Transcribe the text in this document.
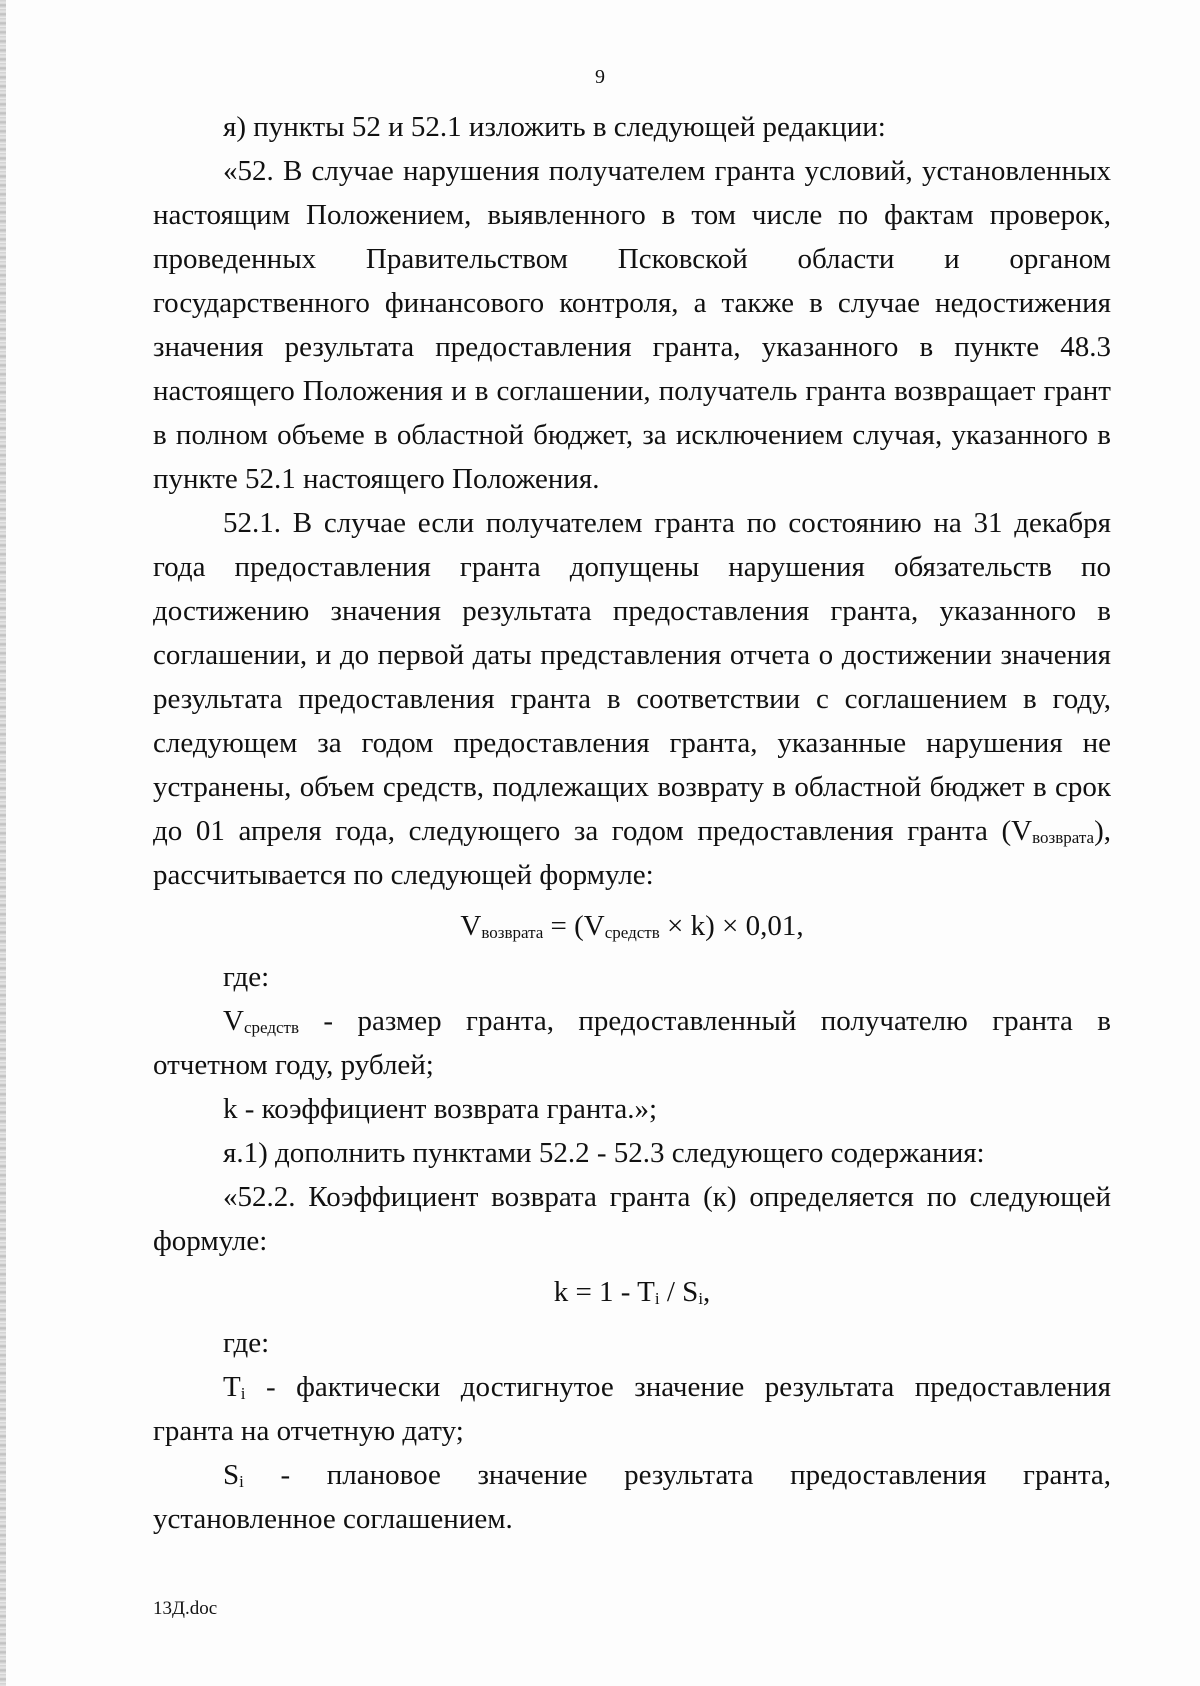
9

я) пункты 52 и 52.1 изложить в следующей редакции:

«52. В случае нарушения получателем гранта условий, установленных настоящим Положением, выявленного в том числе по фактам проверок, проведенных Правительством Псковской области и органом государственного финансового контроля, а также в случае недостижения значения результата предоставления гранта, указанного в пункте 48.3 настоящего Положения и в соглашении, получатель гранта возвращает грант в полном объеме в областной бюджет, за исключением случая, указанного в пункте 52.1 настоящего Положения.

52.1. В случае если получателем гранта по состоянию на 31 декабря года предоставления гранта допущены нарушения обязательств по достижению значения результата предоставления гранта, указанного в соглашении, и до первой даты представления отчета о достижении значения результата предоставления гранта в соответствии с соглашением в году, следующем за годом предоставления гранта, указанные нарушения не устранены, объем средств, подлежащих возврату в областной бюджет в срок до 01 апреля года, следующего за годом предоставления гранта $(V_{возврата})$, рассчитывается по следующей формуле:

$V_{возврата} = (V_{средств} \times k) \times 0,01$,

где:

$V_{средств}$ - размер гранта, предоставленный получателю гранта в отчетном году, рублей;

k - коэффициент возврата гранта.»;

я.1) дополнить пунктами 52.2 - 52.3 следующего содержания:

«52.2. Коэффициент возврата гранта (к) определяется по следующей формуле:

$k = 1 - T_i / S_i$,

где:

$T_i$ - фактически достигнутое значение результата предоставления гранта на отчетную дату;

$S_i$ - плановое значение результата предоставления гранта, установленное соглашением.

13Д.doc
